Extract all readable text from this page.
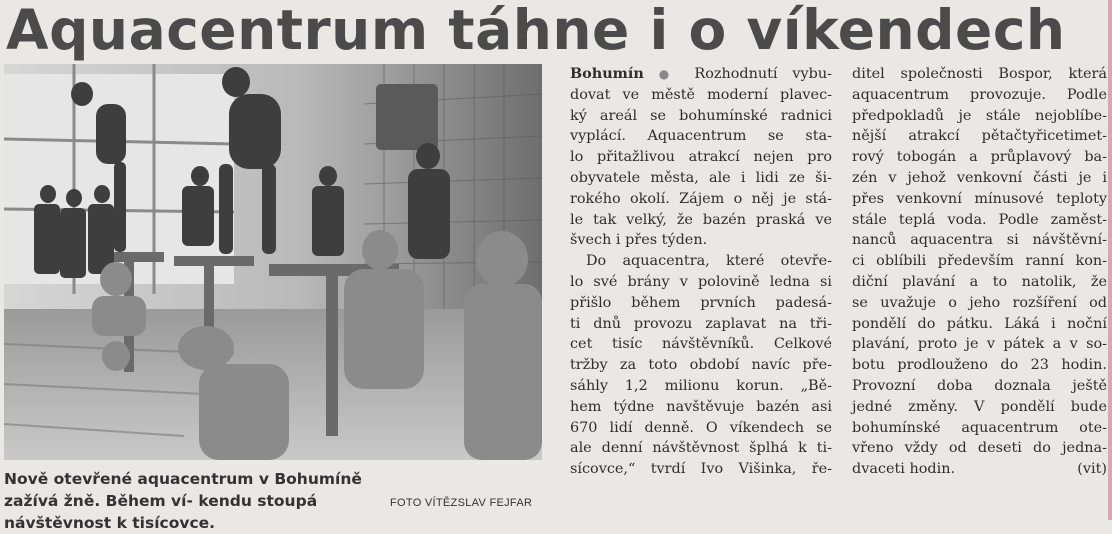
Aquacentrum táhne i o víkendech
Nově otevřené aquacentrum v Bohumíně zažívá žně. Během ví- kendu stoupá návštěvnost k tisícovce.
FOTO VÍTĚZSLAV FEJFAR
Bohumín ● Rozhodnutí vybu-
dovat ve městě moderní plavec-
ký areál se bohumínské radnici
vyplácí. Aquacentrum se sta-
lo přitažlivou atrakcí nejen pro
obyvatele města, ale i lidi ze ši-
rokého okolí. Zájem o něj je stá-
le tak velký, že bazén praská ve
švech i přes týden.
Do aquacentra, které otevře-
lo své brány v polovině ledna si
přišlo během prvních padesá-
ti dnů provozu zaplavat na tři-
cet tisíc návštěvníků. Celkové
tržby za toto období navíc pře-
sáhly 1,2 milionu korun. „Bě-
hem týdne navštěvuje bazén asi
670 lidí denně. O víkendech se
ale denní návštěvnost šplhá k ti-
sícovce,“ tvrdí Ivo Višinka, ře-
ditel společnosti Bospor, která
aquacentrum provozuje. Podle
předpokladů je stále nejoblíbe-
nější atrakcí pětačtyřicetimet-
rový tobogán a průplavový ba-
zén v jehož venkovní části je i
přes venkovní mínusové teploty
stále teplá voda. Podle zaměst-
nanců aquacentra si návštěvní-
ci oblíbili především ranní kon-
diční plavání a to natolik, že
se uvažuje o jeho rozšíření od
pondělí do pátku. Láká i noční
plavání, proto je v pátek a v so-
botu prodlouženo do 23 hodin.
Provozní doba doznala ještě
jedné změny. V pondělí bude
bohumínské aquacentrum ote-
vřeno vždy od deseti do jedna-
dvaceti hodin.	(vit)
